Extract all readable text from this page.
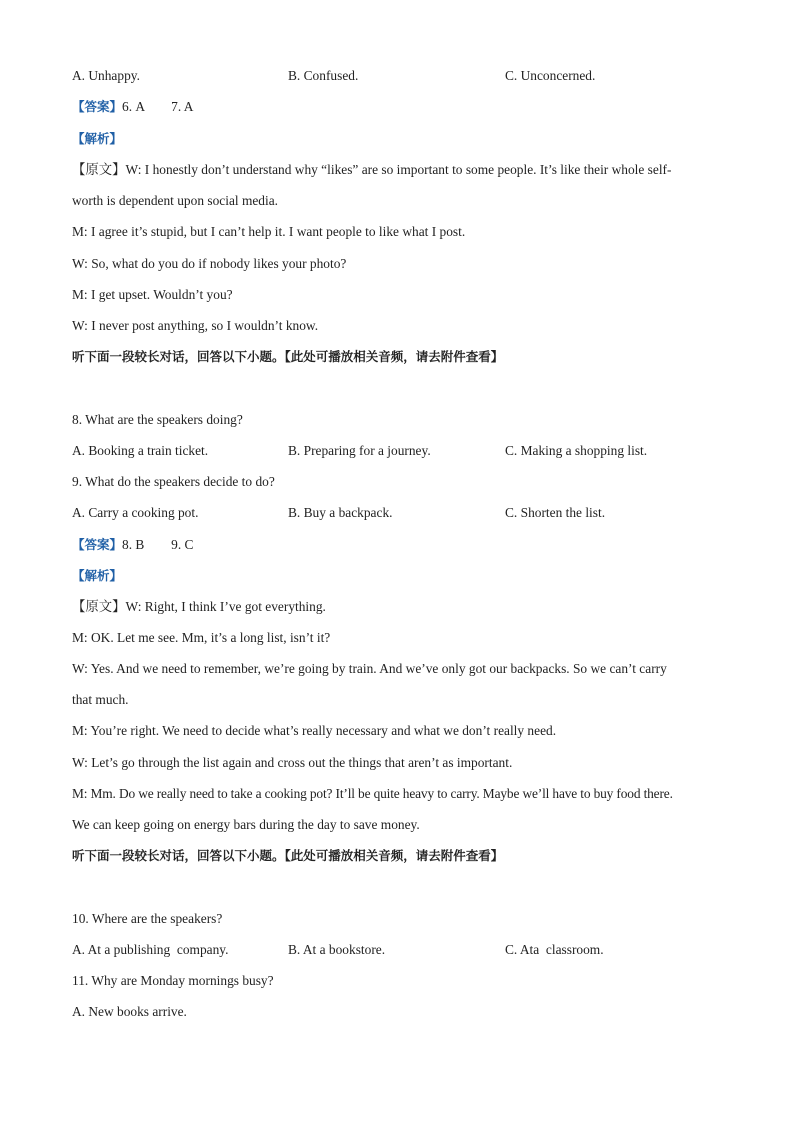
A. Unhappy.	B. Confused.	C. Unconcerned.
【答案】6. A        7. A
【解析】
【原文】W: I honestly don’t understand why “likes” are so important to some people. It’s like their whole self-
worth is dependent upon social media.
M: I agree it’s stupid, but I can’t help it. I want people to like what I post.
W: So, what do you do if nobody likes your photo?
M: I get upset. Wouldn’t you?
W: I never post anything, so I wouldn’t know.
听下面一段较长对话，回答以下小题。【此处可播放相关音频，请去附件查看】
8. What are the speakers doing?
A. Booking a train ticket.	B. Preparing for a journey.	C. Making a shopping list.
9. What do the speakers decide to do?
A. Carry a cooking pot.	B. Buy a backpack.	C. Shorten the list.
【答案】8. B        9. C
【解析】
【原文】W: Right, I think I’ve got everything.
M: OK. Let me see. Mm, it’s a long list, isn’t it?
W: Yes. And we need to remember, we’re going by train. And we’ve only got our backpacks. So we can’t carry
that much.
M: You’re right. We need to decide what’s really necessary and what we don’t really need.
W: Let’s go through the list again and cross out the things that aren’t as important.
M: Mm. Do we really need to take a cooking pot? It’ll be quite heavy to carry. Maybe we’ll have to buy food there.
We can keep going on energy bars during the day to save money.
听下面一段较长对话，回答以下小题。【此处可播放相关音频，请去附件查看】
10. Where are the speakers?
A. At a publishing  company.	B. At a bookstore.	C. Ata  classroom.
11. Why are Monday mornings busy?
A. New books arrive.
